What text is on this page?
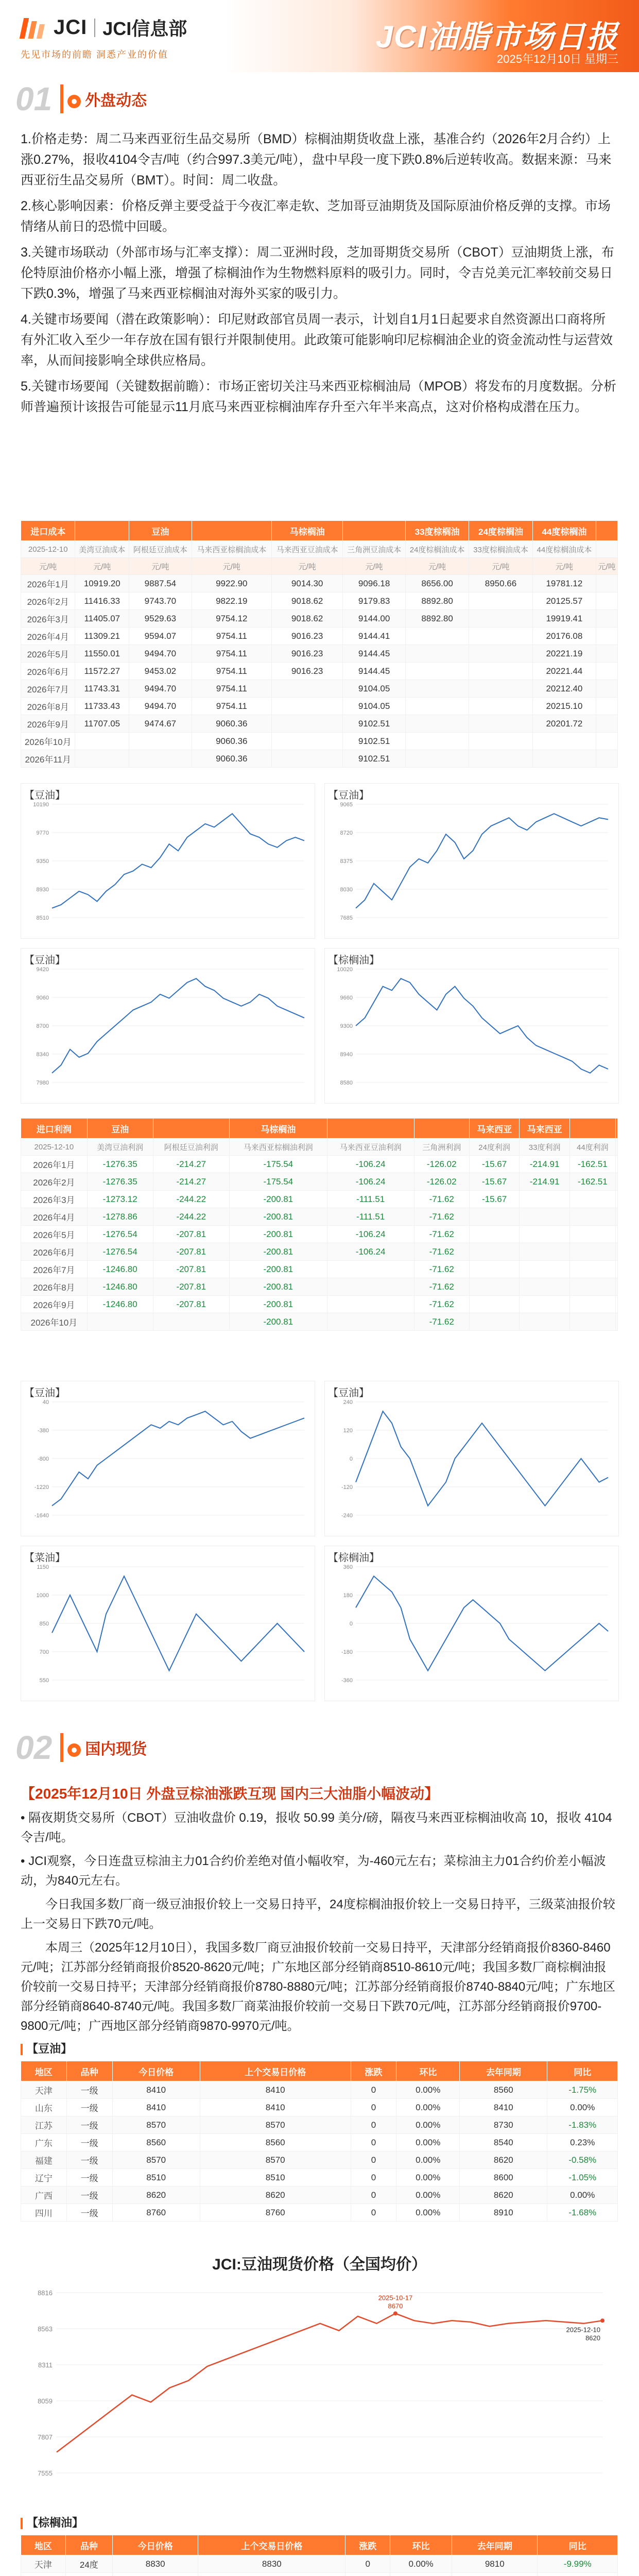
JCI JCI信息部
先见市场的前瞻 洞悉产业的价值
JCI油脂市场日报
2025年12月10日 星期三
01	外盘动态

1.价格走势：周二马来西亚衍生品交易所（BMD）棕榈油期货收盘上涨，基准合约（2026年2月合约）上涨0.27%，报收4104令吉/吨（约合997.3美元/吨），盘中早段一度下跌0.8%后逆转收高。数据来源：马来西亚衍生品交易所（BMT）。时间：周二收盘。

2.核心影响因素：价格反弹主要受益于今夜汇率走软、芝加哥豆油期货及国际原油价格反弹的支撑。市场情绪从前日的恐慌中回暖。

3.关键市场联动（外部市场与汇率支撑）：周二亚洲时段，芝加哥期货交易所（CBOT）豆油期货上涨，布伦特原油价格亦小幅上涨，增强了棕榈油作为生物燃料原料的吸引力。同时，令吉兑美元汇率较前交易日下跌0.3%，增强了马来西亚棕榈油对海外买家的吸引力。

4.关键市场要闻（潜在政策影响）：印尼财政部官员周一表示，计划自1月1日起要求自然资源出口商将所有外汇收入至少一年存放在国有银行并限制使用。此政策可能影响印尼棕榈油企业的资金流动性与运营效率，从而间接影响全球供应格局。

5.关键市场要闻（关键数据前瞻）：市场正密切关注马来西亚棕榈油局（MPOB）将发布的月度数据。分析师普遍预计该报告可能显示11月底马来西亚棕榈油库存升至六年半来高点，这对价格构成潜在压力。

进口成本		豆油		马棕榈油		33度棕榈油	24度棕榈油	44度棕榈油	
2025-12-10	美湾豆油成本	阿根廷豆油成本	马来西亚棕榈油成本	马来西亚豆油成本	三角洲豆油成本	24度棕榈油成本	33度棕榈油成本	44度棕榈油成本	
元/吨	元/吨	元/吨	元/吨	元/吨	元/吨	元/吨	元/吨	元/吨	元/吨
2026年1月	10919.20	9887.54	9922.90	9014.30	9096.18	8656.00	8950.66	19781.12	
2026年2月	11416.33	9743.70	9822.19	9018.62	9179.83	8892.80		20125.57	
2026年3月	11405.07	9529.63	9754.12	9018.62	9144.00	8892.80		19919.41	
2026年4月	11309.21	9594.07	9754.11	9016.23	9144.41			20176.08	
2026年5月	11550.01	9494.70	9754.11	9016.23	9144.45			20221.19	
2026年6月	11572.27	9453.02	9754.11	9016.23	9144.45			20221.44	
2026年7月	11743.31	9494.70	9754.11		9104.05			20212.40	
2026年8月	11733.43	9494.70	9754.11		9104.05			20215.10	
2026年9月	11707.05	9474.67	9060.36		9102.51			20201.72	
2026年10月			9060.36		9102.51				
2026年11月			9060.36		9102.51				
【豆油】
10190
9770
9350
8930
8510
【豆油】
9065
8720
8375
8030
7685
【豆油】
9420
9060
8700
8340
7980
【棕榈油】
10020
9660
9300
8940
8580
进口利润	豆油		马棕榈油			马来西亚	马来西亚		
2025-12-10	美湾豆油利润	阿根廷豆油利润	马来西亚棕榈油利润	马来西亚豆油利润	三角洲利润	24度利润	33度利润	44度利润	
2026年1月	-1276.35	-214.27	-175.54	-106.24	-126.02	-15.67	-214.91	-162.51	
2026年2月	-1276.35	-214.27	-175.54	-106.24	-126.02	-15.67	-214.91	-162.51	
2026年3月	-1273.12	-244.22	-200.81	-111.51	-71.62	-15.67			
2026年4月	-1278.86	-244.22	-200.81	-111.51	-71.62				
2026年5月	-1276.54	-207.81	-200.81	-106.24	-71.62				
2026年6月	-1276.54	-207.81	-200.81	-106.24	-71.62				
2026年7月	-1246.80	-207.81	-200.81		-71.62				
2026年8月	-1246.80	-207.81	-200.81		-71.62				
2026年9月	-1246.80	-207.81	-200.81		-71.62				
2026年10月			-200.81		-71.62				
【豆油】
40
-380
-800
-1220
-1640
【豆油】
240
120
0
-120
-240
【菜油】
1150
1000
850
700
550
【棕榈油】
360
180
0
-180
-360
02	国内现货
【2025年12月10日 外盘豆棕油涨跌互现 国内三大油脂小幅波动】

• 隔夜期货交易所（CBOT）豆油收盘价 0.19，报收 50.99 美分/磅，隔夜马来西亚棕榈油收高 10，报收 4104 令吉/吨。

• JCI观察，今日连盘豆棕油主力01合约价差绝对值小幅收窄，为-460元左右；菜棕油主力01合约价差小幅波动，为840元左右。

今日我国多数厂商一级豆油报价较上一交易日持平，24度棕榈油报价较上一交易日持平，三级菜油报价较上一交易日下跌70元/吨。

本周三（2025年12月10日），我国多数厂商豆油报价较前一交易日持平，天津部分经销商报价8360-8460元/吨；江苏部分经销商报价8520-8620元/吨；广东地区部分经销商8510-8610元/吨；我国多数厂商棕榈油报价较前一交易日持平；天津部分经销商报价8780-8880元/吨；江苏部分经销商报价8740-8840元/吨；广东地区部分经销商8640-8740元/吨。我国多数厂商菜油报价较前一交易日下跌70元/吨，江苏部分经销商报价9700-9800元/吨；广西地区部分经销商9870-9970元/吨。

【豆油】
地区	品种	今日价格	上个交易日价格	涨跌	环比	去年同期	同比
天津	一级	8410	8410	0	0.00%	8560	-1.75%
山东	一级	8410	8410	0	0.00%	8410	0.00%
江苏	一级	8570	8570	0	0.00%	8730	-1.83%
广东	一级	8560	8560	0	0.00%	8540	0.23%
福建	一级	8570	8570	0	0.00%	8620	-0.58%
辽宁	一级	8510	8510	0	0.00%	8600	-1.05%
广西	一级	8620	8620	0	0.00%	8620	0.00%
四川	一级	8760	8760	0	0.00%	8910	-1.68%
JCI:豆油现货价格（全国均价）
8816
8563
8311
8059
7807
7555
2025-10-17
8670
2025-12-10
8620
【棕榈油】
地区	品种	今日价格	上个交易日价格	涨跌	环比	去年同期	同比
天津	24度	8830	8830	0	0.00%	9810	-9.99%
